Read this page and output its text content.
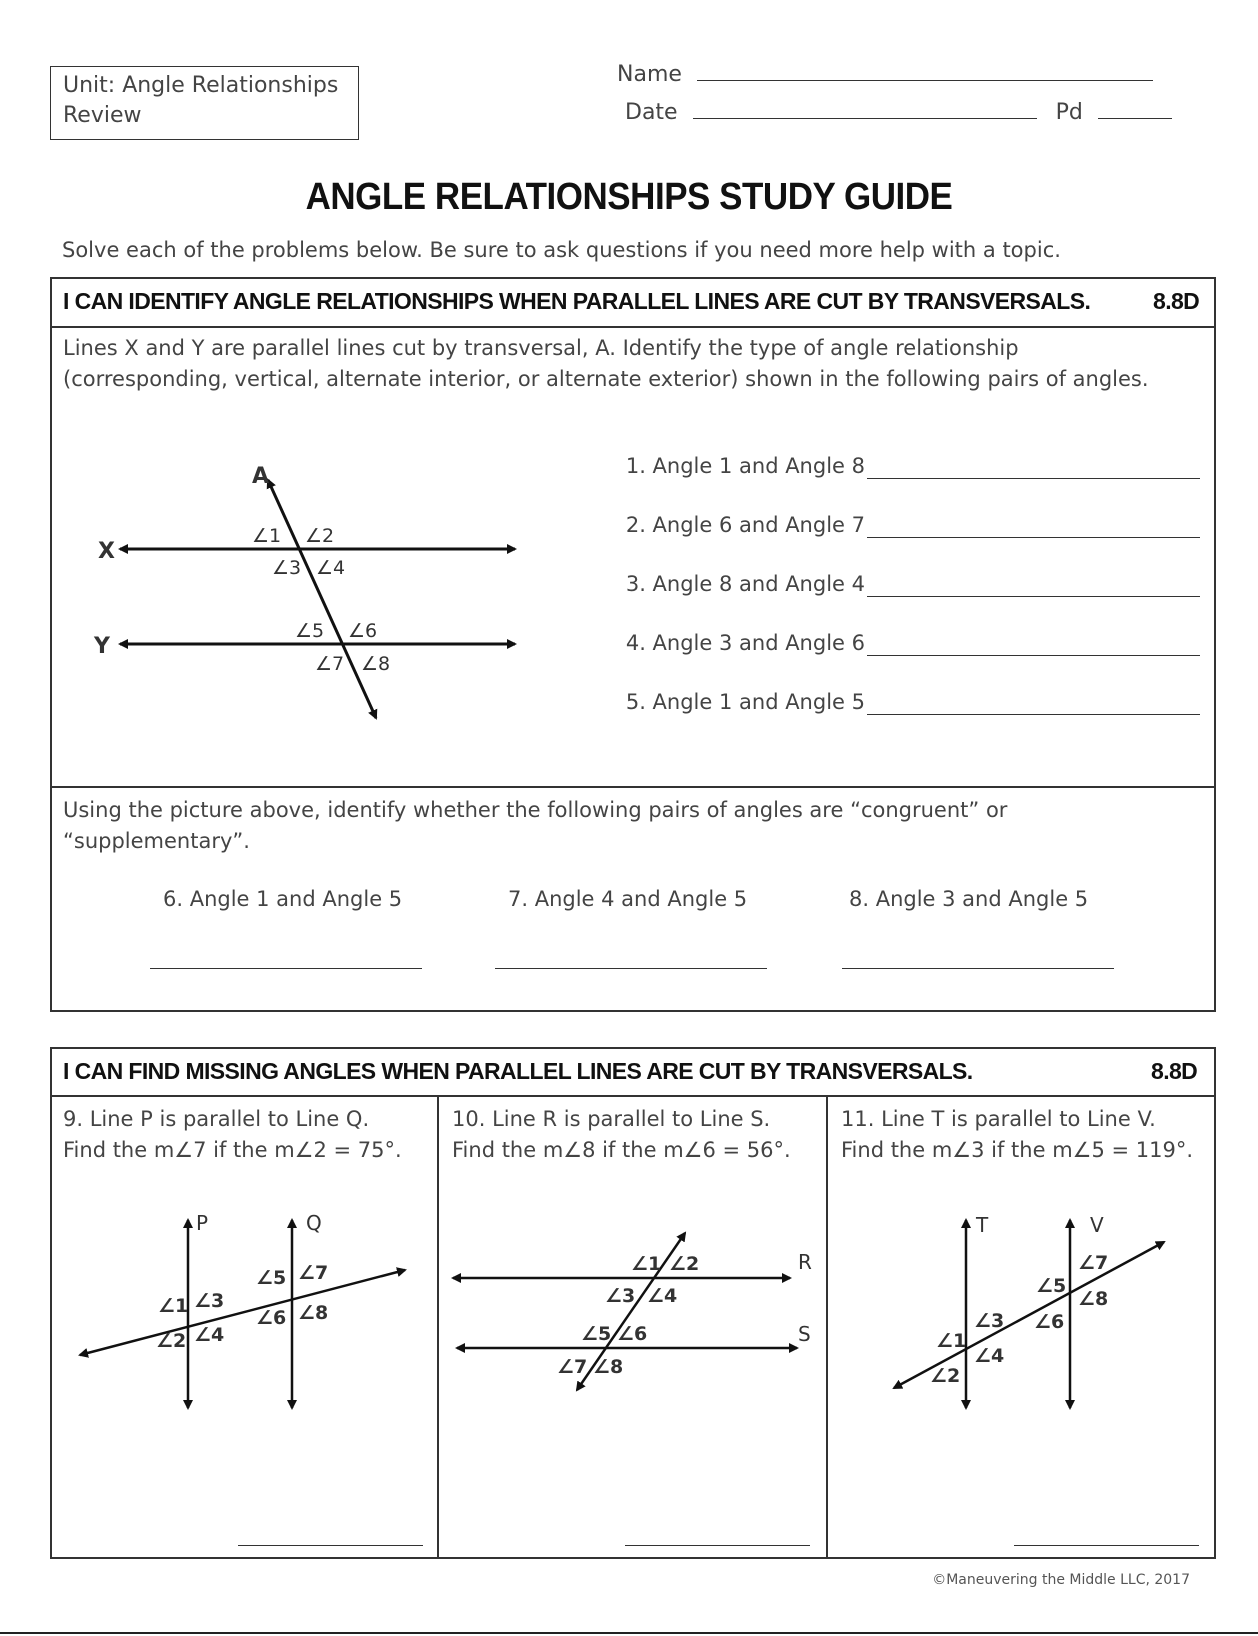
Unit: Angle Relationships
Review
Name
Date	Pd
ANGLE RELATIONSHIPS STUDY GUIDE
Solve each of the problems below. Be sure to ask questions if you need more help with a topic.
I CAN IDENTIFY ANGLE RELATIONSHIPS WHEN PARALLEL LINES ARE CUT BY TRANSVERSALS.	8.8D
Lines X and Y are parallel lines cut by transversal, A. Identify the type of angle relationship (corresponding, vertical, alternate interior, or alternate exterior) shown in the following pairs of angles.
A
X
Y
∠1 ∠2
∠3 ∠4
∠5 ∠6
∠7 ∠8
1. Angle 1 and Angle 8
2. Angle 6 and Angle 7
3. Angle 8 and Angle 4
4. Angle 3 and Angle 6
5. Angle 1 and Angle 5
Using the picture above, identify whether the following pairs of angles are “congruent” or “supplementary”.
6. Angle 1 and Angle 5	7. Angle 4 and Angle 5	8. Angle 3 and Angle 5
I CAN FIND MISSING ANGLES WHEN PARALLEL LINES ARE CUT BY TRANSVERSALS.	8.8D
9. Line P is parallel to Line Q.
Find the m∠7 if the m∠2 = 75°.
P	Q
∠1
∠2
∠3
∠4
∠5
∠6
∠7
∠8
10. Line R is parallel to Line S.
Find the m∠8 if the m∠6 = 56°.
R
S
∠1 ∠2
∠3 ∠4
∠5 ∠6
∠7 ∠8
11. Line T is parallel to Line V.
Find the m∠3 if the m∠5 = 119°.
T	V
∠1
∠2
∠3
∠4
∠5
∠6
∠7
∠8
©Maneuvering the Middle LLC, 2017
